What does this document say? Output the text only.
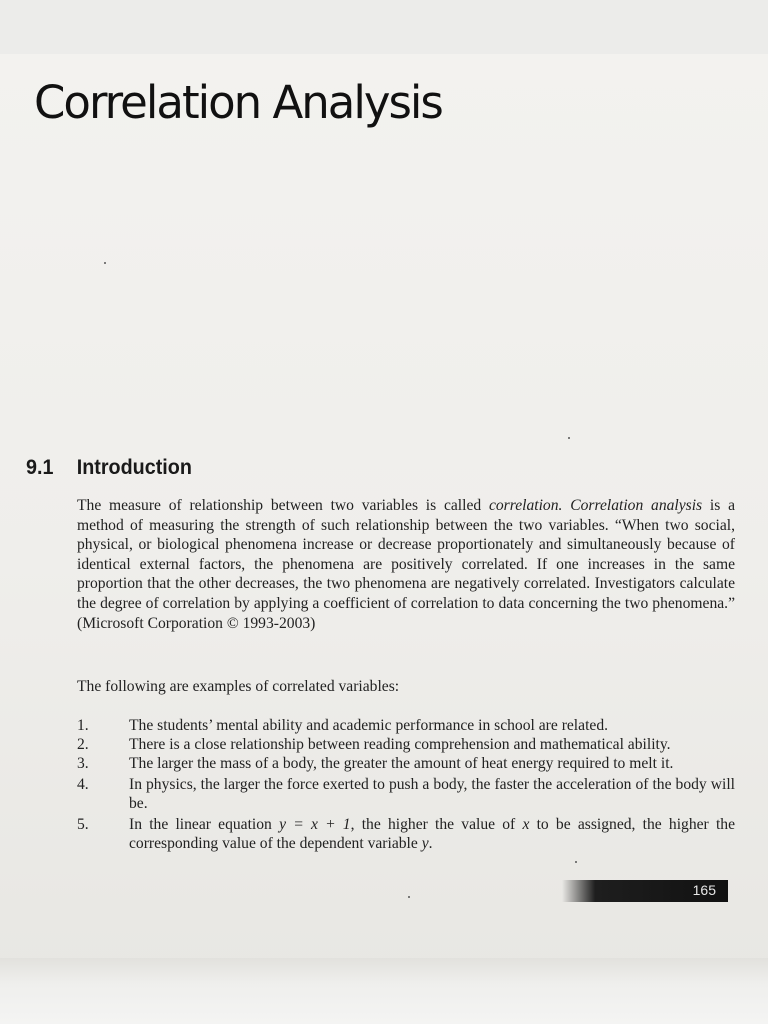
Correlation Analysis
9.1 Introduction

The measure of relationship between two variables is called correlation. Correlation analysis is a method of measuring the strength of such relationship between the two variables. “When two social, physical, or biological phenomena increase or decrease proportionately and simultaneously because of identical external factors, the phenomena are positively correlated. If one increases in the same proportion that the other decreases, the two phenomena are negatively correlated. Investigators calculate the degree of correlation by applying a coefficient of correlation to data concerning the two phenomena.” (Microsoft Corporation © 1993-2003)

The following are examples of correlated variables:

1.	The students’ mental ability and academic performance in school are related.
2.	There is a close relationship between reading comprehension and mathematical ability.
3.	The larger the mass of a body, the greater the amount of heat energy required to melt it.
4.	In physics, the larger the force exerted to push a body, the faster the acceleration of the body will be.
5.	In the linear equation y = x + 1, the higher the value of x to be assigned, the higher the corresponding value of the dependent variable y.
165
